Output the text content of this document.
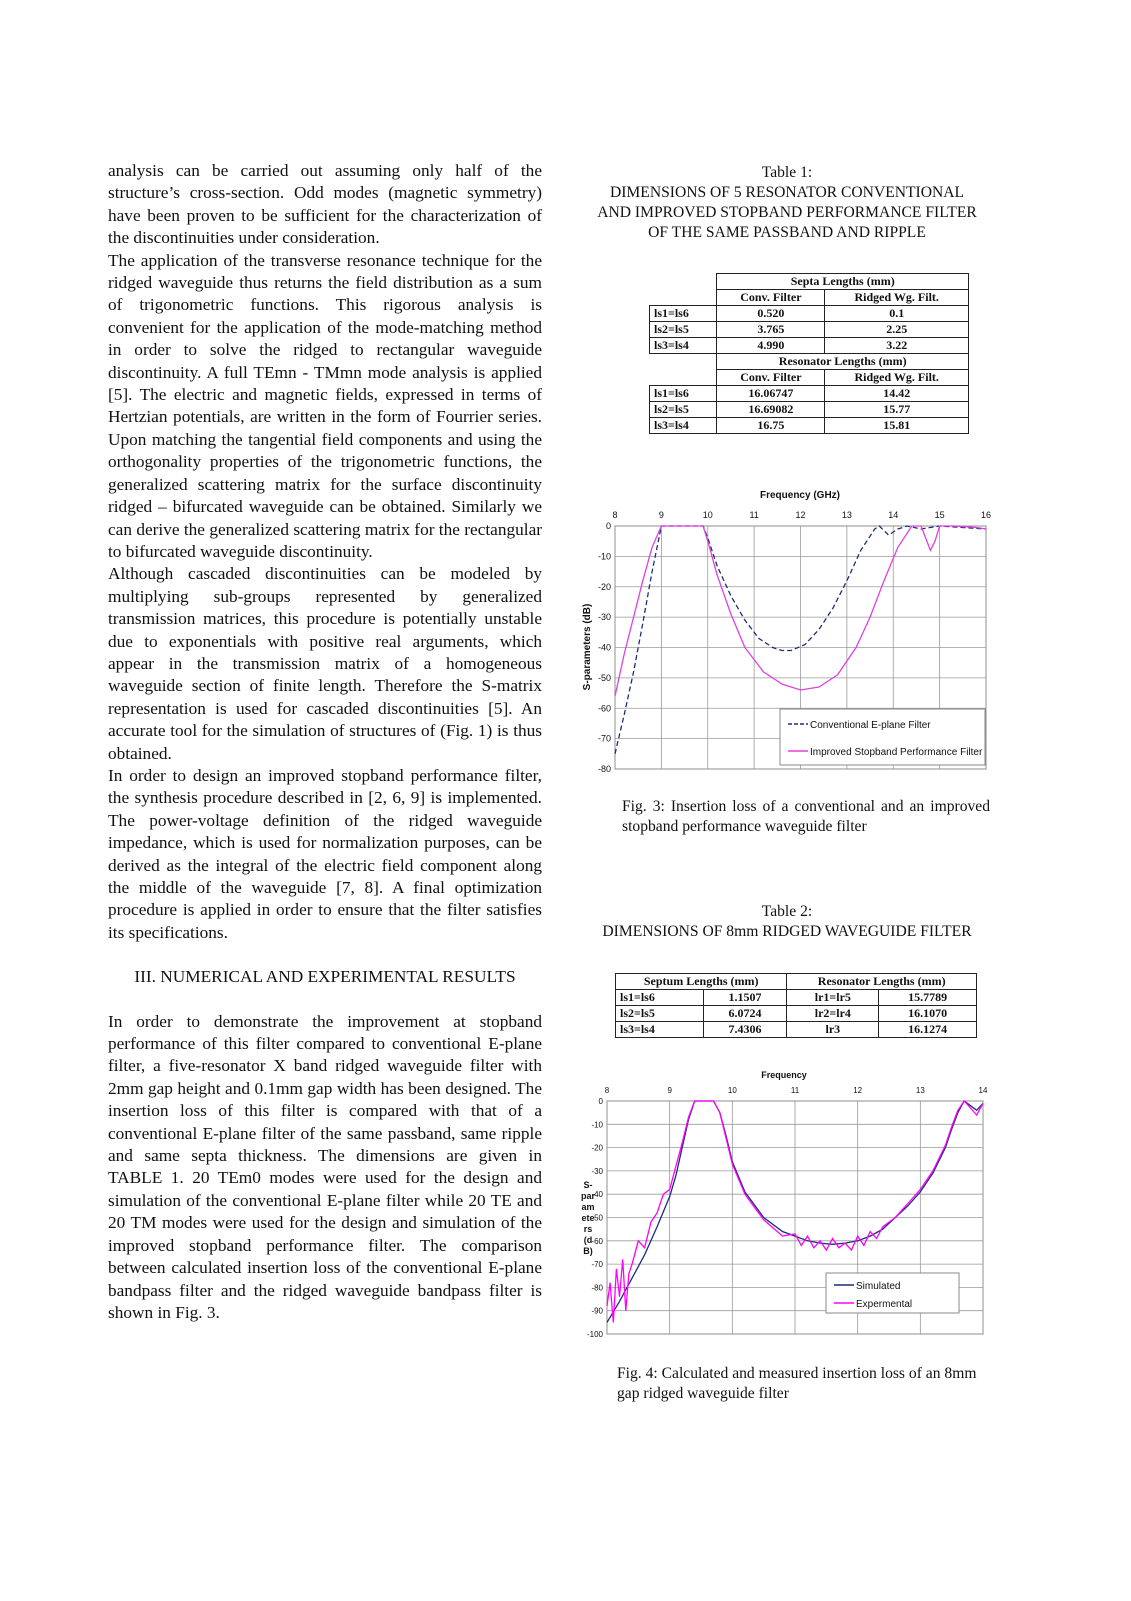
analysis can be carried out assuming only half of the structure’s cross-section. Odd modes (magnetic symmetry) have been proven to be sufficient for the characterization of the discontinuities under consideration.

The application of the transverse resonance technique for the ridged waveguide thus returns the field distribution as a sum of trigonometric functions. This rigorous analysis is convenient for the application of the mode-matching method in order to solve the ridged to rectangular waveguide discontinuity. A full TEmn - TMmn mode analysis is applied [5]. The electric and magnetic fields, expressed in terms of Hertzian potentials, are written in the form of Fourrier series. Upon matching the tangential field components and using the orthogonality properties of the trigonometric functions, the generalized scattering matrix for the surface discontinuity ridged – bifurcated waveguide can be obtained. Similarly we can derive the generalized scattering matrix for the rectangular to bifurcated waveguide discontinuity.

Although cascaded discontinuities can be modeled by multiplying sub-groups represented by generalized transmission matrices, this procedure is potentially unstable due to exponentials with positive real arguments, which appear in the transmission matrix of a homogeneous waveguide section of finite length. Therefore the S-matrix representation is used for cascaded discontinuities [5]. An accurate tool for the simulation of structures of (Fig. 1) is thus obtained.

In order to design an improved stopband performance filter, the synthesis procedure described in [2, 6, 9] is implemented. The power-voltage definition of the ridged waveguide impedance, which is used for normalization purposes, can be derived as the integral of the electric field component along the middle of the waveguide [7, 8]. A final optimization procedure is applied in order to ensure that the filter satisfies its specifications.

III. NUMERICAL AND EXPERIMENTAL RESULTS

In order to demonstrate the improvement at stopband performance of this filter compared to conventional E-plane filter, a five-resonator X band ridged waveguide filter with 2mm gap height and 0.1mm gap width has been designed. The insertion loss of this filter is compared with that of a conventional E-plane filter of the same passband, same ripple and same septa thickness. The dimensions are given in TABLE 1. 20 TEm0 modes were used for the design and simulation of the conventional E-plane filter while 20 TE and 20 TM modes were used for the design and simulation of the improved stopband performance filter. The comparison between calculated insertion loss of the conventional E-plane bandpass filter and the ridged waveguide bandpass filter is shown in Fig. 3.

Table 1:
DIMENSIONS OF 5 RESONATOR CONVENTIONAL
AND IMPROVED STOPBAND PERFORMANCE FILTER
OF THE SAME PASSBAND AND RIPPLE
	Septa Lengths (mm)	
	Conv. Filter	Ridged Wg. Filt.
ls1=ls6	0.520	0.1
ls2=ls5	3.765	2.25
ls3=ls4	4.990	3.22
	Resonator Lengths (mm)	
	Conv. Filter	Ridged Wg. Filt.
ls1=ls6	16.06747	14.42
ls2=ls5	16.69082	15.77
ls3=ls4	16.75	15.81
8	9	10	11	12	13	14	15	16
0
-10
-20
-30
-40
-50
-60
-70
-80
Frequency (GHz)
S-parameters (dB)
Conventional E-plane Filter
Improved Stopband Performance Filter
Fig. 3: Insertion loss of a conventional and an improved stopband performance waveguide filter
Table 2:
DIMENSIONS OF 8mm RIDGED WAVEGUIDE FILTER
Septum Lengths (mm)		Resonator Lengths (mm)	
ls1=ls6	1.1507	lr1=lr5	15.7789
ls2=ls5	6.0724	lr2=lr4	16.1070
ls3=ls4	7.4306	lr3	16.1274
8	9	10	11	12	13	14
0
-10
-20
-30
-40
-50
-60
-70
-80
-90
-100
Frequency
S-
par
am
ete
rs
(d
B)
Simulated
Expermental
Fig. 4: Calculated and measured insertion loss of an 8mm gap ridged waveguide filter
